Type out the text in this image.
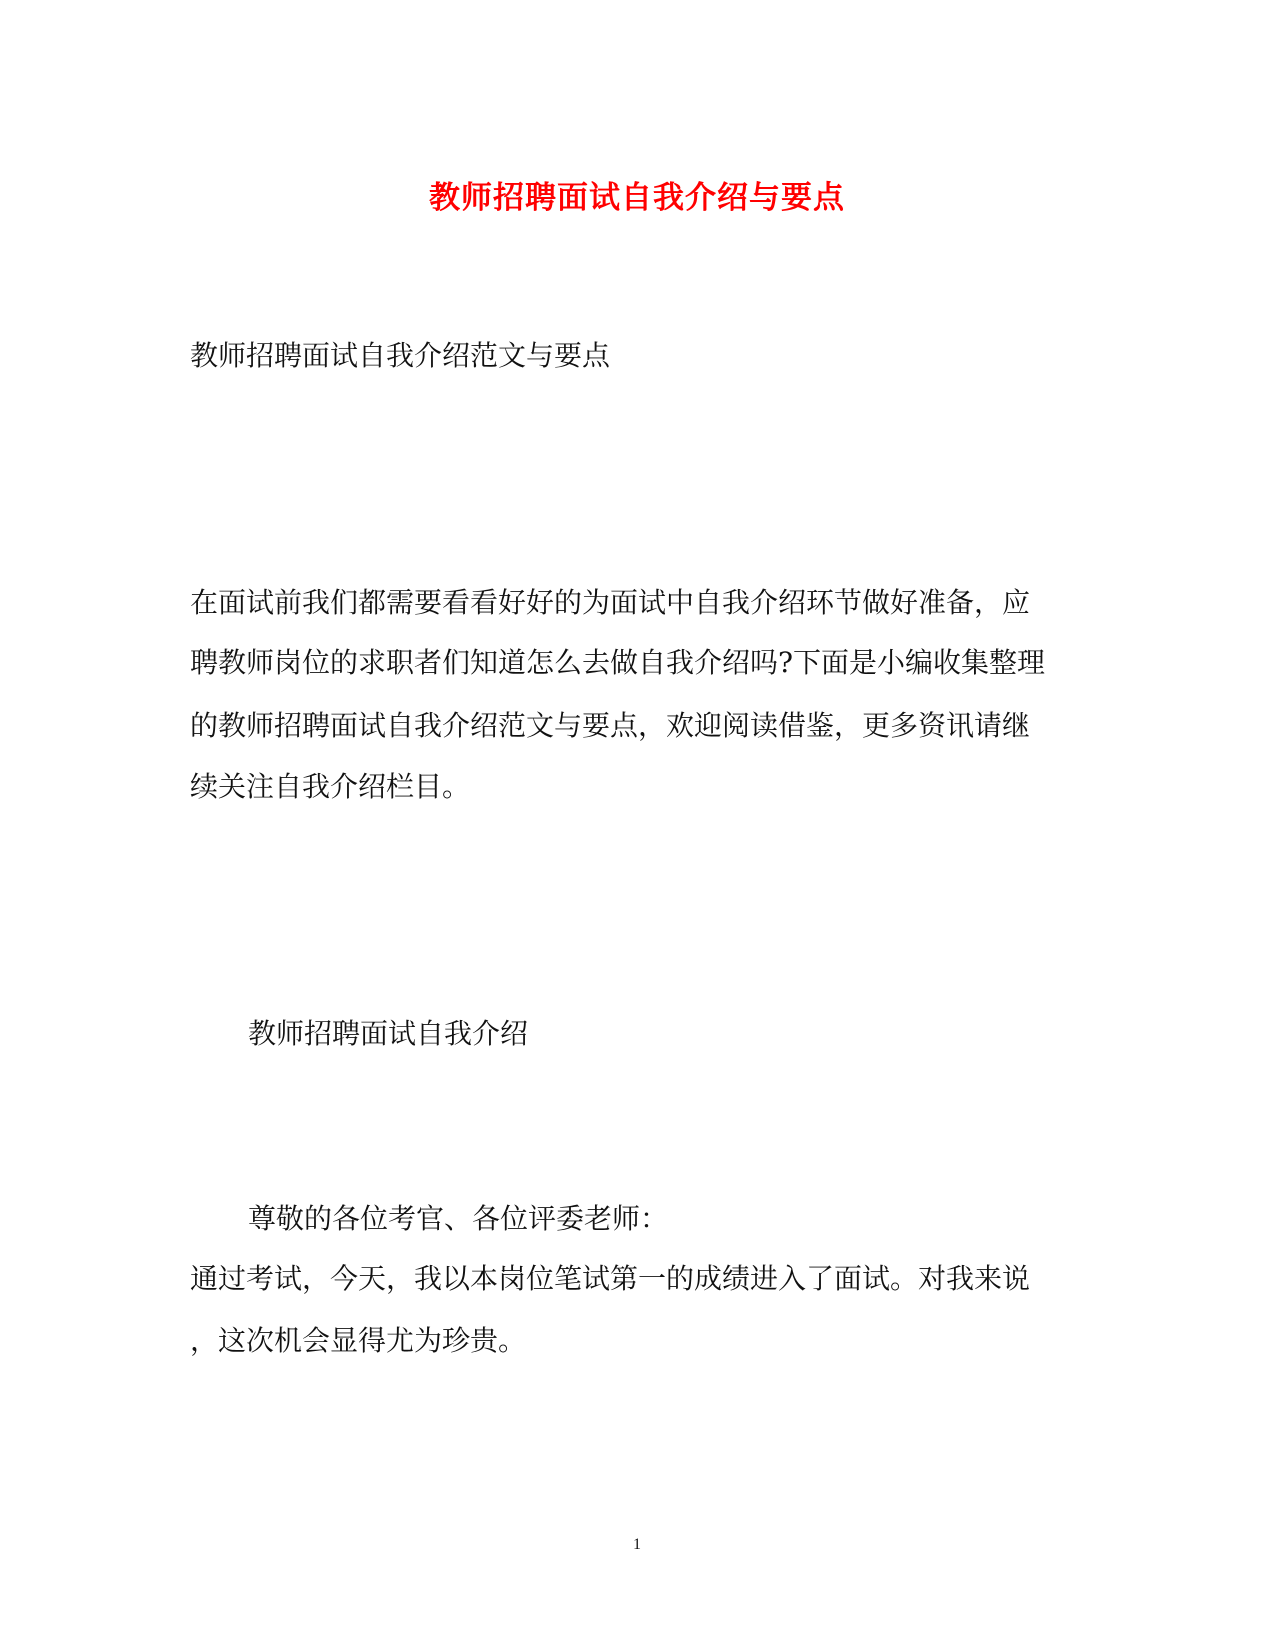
教师招聘面试自我介绍与要点
教师招聘面试自我介绍范文与要点
在面试前我们都需要看看好好的为面试中自我介绍环节做好准备，应
聘教师岗位的求职者们知道怎么去做自我介绍吗?下面是小编收集整理
的教师招聘面试自我介绍范文与要点，欢迎阅读借鉴，更多资讯请继
续关注自我介绍栏目。
教师招聘面试自我介绍
尊敬的各位考官、各位评委老师：
通过考试，今天，我以本岗位笔试第一的成绩进入了面试。对我来说
，这次机会显得尤为珍贵。
1
